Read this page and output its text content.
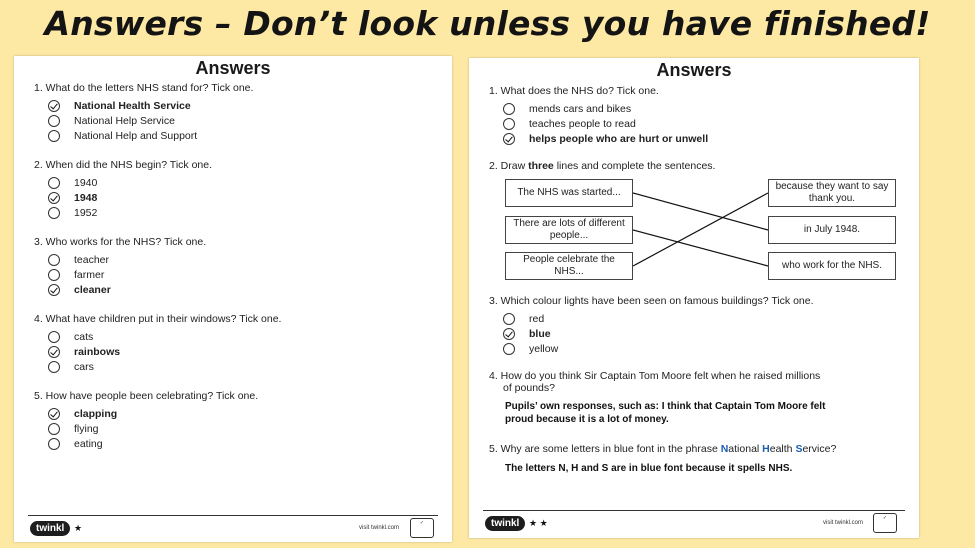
Answers – Don’t look unless you have finished!
Answers
1. What do the letters NHS stand for? Tick one.
National Health Service
National Help Service
National Help and Support
2. When did the NHS begin? Tick one.
1940
1948
1952
3. Who works for the NHS? Tick one.
teacher
farmer
cleaner
4. What have children put in their windows? Tick one.
cats
rainbows
cars
5. How have people been celebrating? Tick one.
clapping
flying
eating
twinkl	★	visit twinkl.com
✓
Answers
1. What does the NHS do? Tick one.
mends cars and bikes
teaches people to read
helps people who are hurt or unwell
2. Draw three lines and complete the sentences.
The NHS was started...
There are lots of different people...
People celebrate the NHS...
because they want to say thank you.
in July 1948.
who work for the NHS.
3. Which colour lights have been seen on famous buildings? Tick one.
red
blue
yellow
4. How do you think Sir Captain Tom Moore felt when he raised millions
of pounds?
Pupils’ own responses, such as: I think that Captain Tom Moore felt
proud because it is a lot of money.
5. Why are some letters in blue font in the phrase National Health Service?
The letters N, H and S are in blue font because it spells NHS.
twinkl	★ ★	visit twinkl.com
✓
